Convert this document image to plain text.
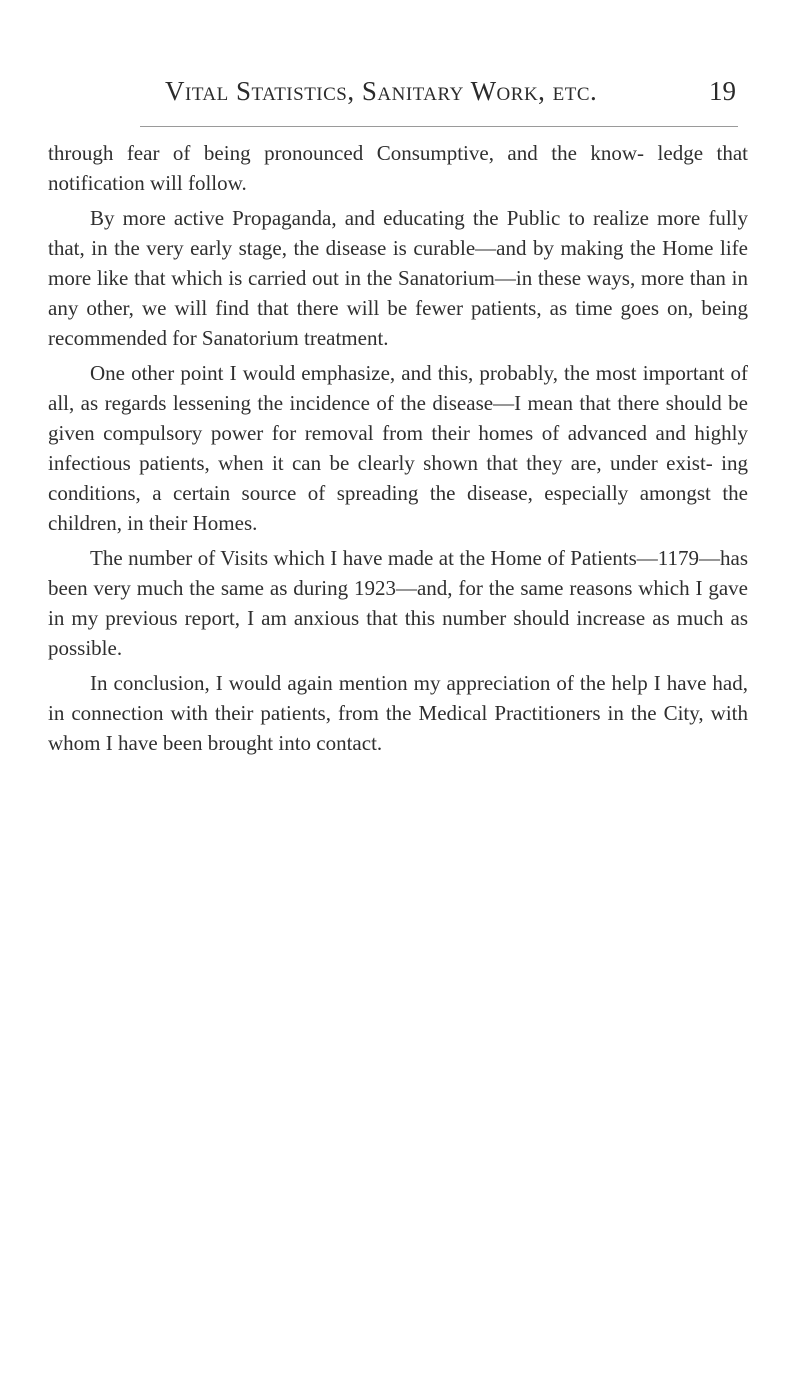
Vital Statistics, Sanitary Work, etc.	19

through fear of being pronounced Consumptive, and the know- ledge that notification will follow.

By more active Propaganda, and educating the Public to realize more fully that, in the very early stage, the disease is curable—and by making the Home life more like that which is carried out in the Sanatorium—in these ways, more than in any other, we will find that there will be fewer patients, as time goes on, being recommended for Sanatorium treatment.

One other point I would emphasize, and this, probably, the most important of all, as regards lessening the incidence of the disease—I mean that there should be given compulsory power for removal from their homes of advanced and highly infectious patients, when it can be clearly shown that they are, under exist- ing conditions, a certain source of spreading the disease, especially amongst the children, in their Homes.

The number of Visits which I have made at the Home of Patients—1179—has been very much the same as during 1923—and, for the same reasons which I gave in my previous report, I am anxious that this number should increase as much as possible.

In conclusion, I would again mention my appreciation of the help I have had, in connection with their patients, from the Medical Practitioners in the City, with whom I have been brought into contact.
